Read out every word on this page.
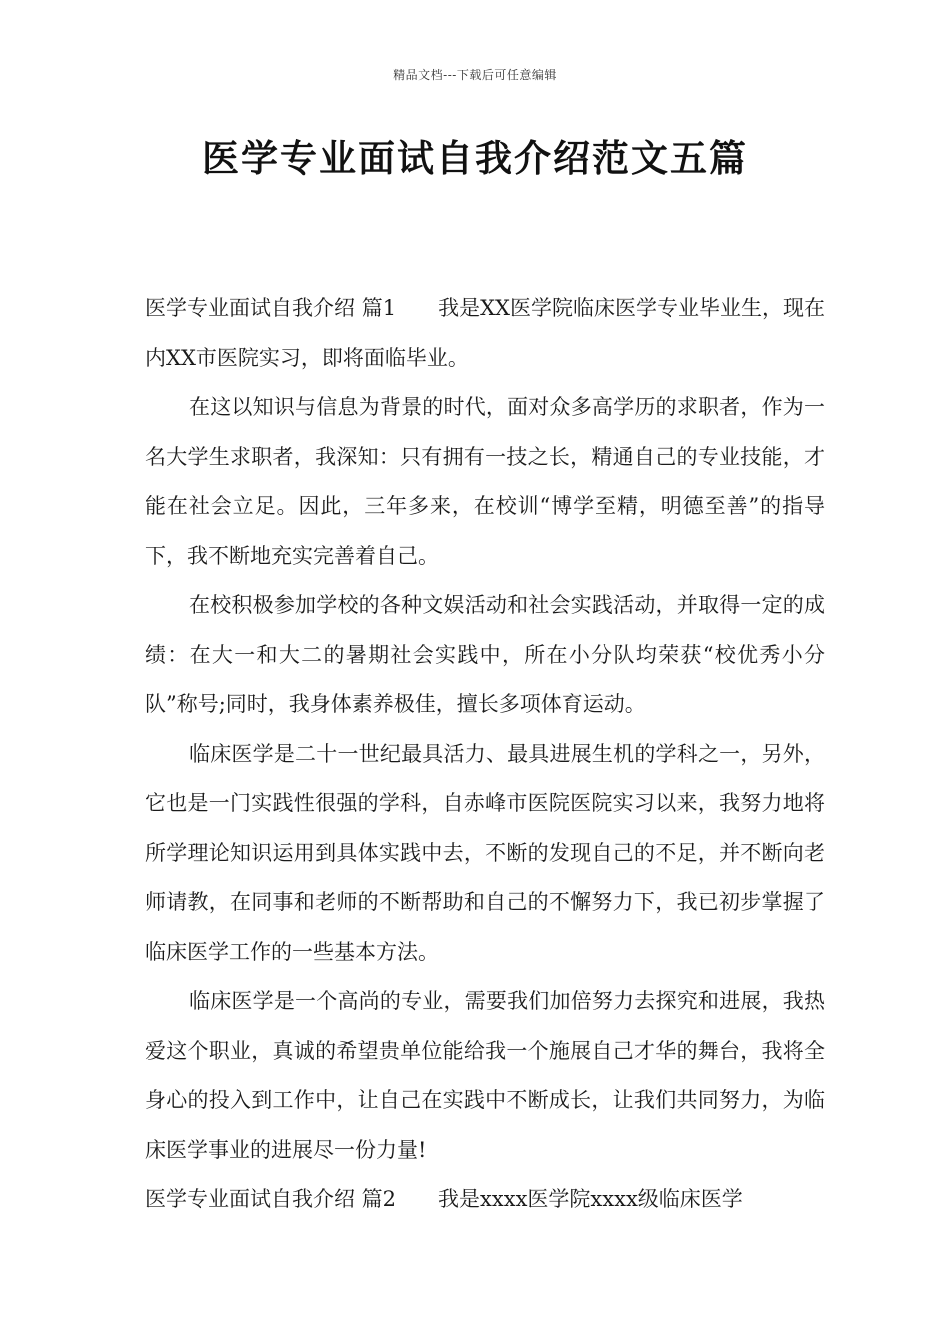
精品文档---下载后可任意编辑
医学专业面试自我介绍范文五篇

医学专业面试自我介绍 篇1 我是XX医学院临床医学专业毕业生，现在内XX市医院实习，即将面临毕业。

在这以知识与信息为背景的时代，面对众多高学历的求职者，作为一名大学生求职者，我深知：只有拥有一技之长，精通自己的专业技能，才能在社会立足。因此，三年多来，在校训“博学至精，明德至善”的指导下，我不断地充实完善着自己。

在校积极参加学校的各种文娱活动和社会实践活动，并取得一定的成绩：在大一和大二的暑期社会实践中，所在小分队均荣获“校优秀小分队”称号;同时，我身体素养极佳，擅长多项体育运动。

临床医学是二十一世纪最具活力、最具进展生机的学科之一，另外，它也是一门实践性很强的学科，自赤峰市医院医院实习以来，我努力地将所学理论知识运用到具体实践中去，不断的发现自己的不足，并不断向老师请教，在同事和老师的不断帮助和自己的不懈努力下，我已初步掌握了临床医学工作的一些基本方法。

临床医学是一个高尚的专业，需要我们加倍努力去探究和进展，我热爱这个职业，真诚的希望贵单位能给我一个施展自己才华的舞台，我将全身心的投入到工作中，让自己在实践中不断成长，让我们共同努力，为临床医学事业的进展尽一份力量!

医学专业面试自我介绍 篇2 我是xxxx医学院xxxx级临床医学
